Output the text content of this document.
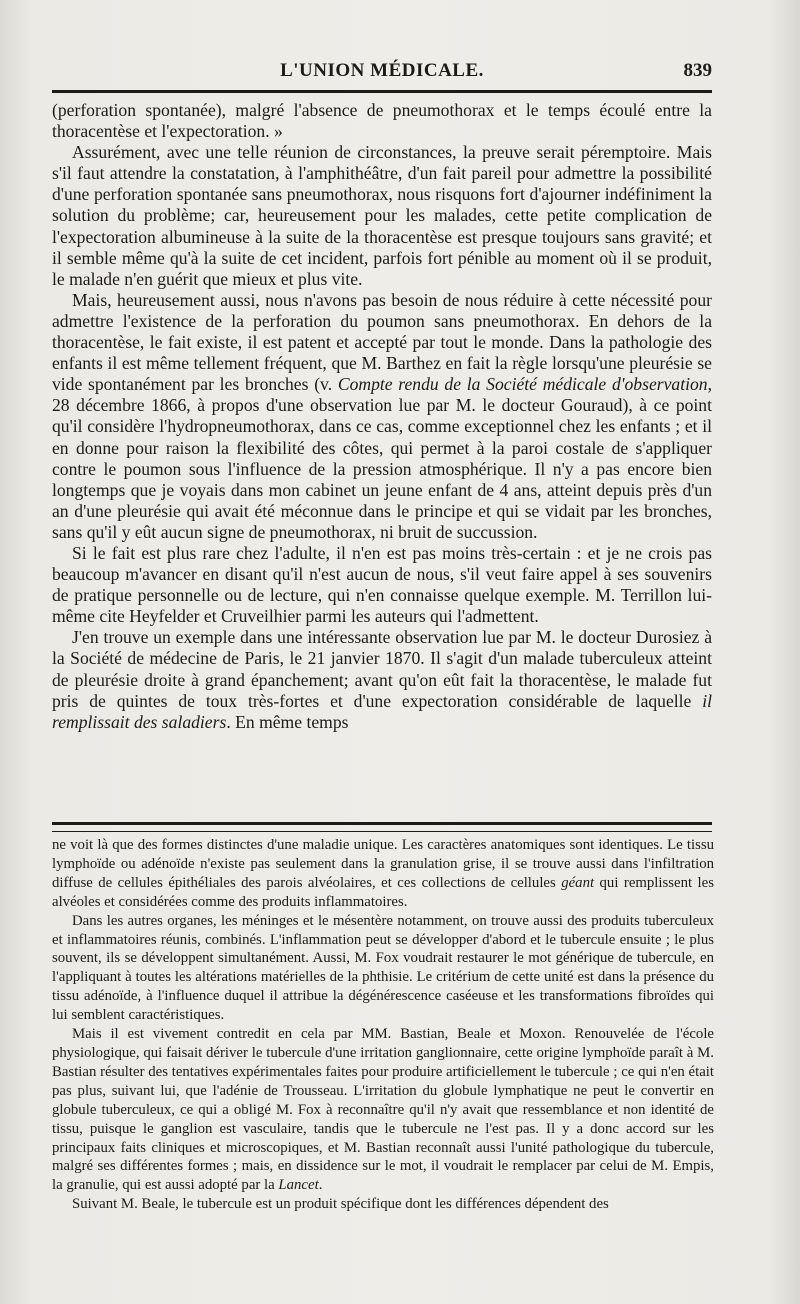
L'UNION MÉDICALE.	839

(perforation spontanée), malgré l'absence de pneumothorax et le temps écoulé entre la thoracentèse et l'expectoration. »

Assurément, avec une telle réunion de circonstances, la preuve serait péremptoire. Mais s'il faut attendre la constatation, à l'amphithéâtre, d'un fait pareil pour admettre la possibilité d'une perforation spontanée sans pneumothorax, nous risquons fort d'ajourner indéfiniment la solution du problème; car, heureusement pour les malades, cette petite complication de l'expectoration albumineuse à la suite de la thoracentèse est presque toujours sans gravité; et il semble même qu'à la suite de cet incident, parfois fort pénible au moment où il se produit, le malade n'en guérit que mieux et plus vite.

Mais, heureusement aussi, nous n'avons pas besoin de nous réduire à cette nécessité pour admettre l'existence de la perforation du poumon sans pneumothorax. En dehors de la thoracentèse, le fait existe, il est patent et accepté par tout le monde. Dans la pathologie des enfants il est même tellement fréquent, que M. Barthez en fait la règle lorsqu'une pleurésie se vide spontanément par les bronches (v. Compte rendu de la Société médicale d'observation, 28 décembre 1866, à propos d'une observation lue par M. le docteur Gouraud), à ce point qu'il considère l'hydropneumothorax, dans ce cas, comme exceptionnel chez les enfants ; et il en donne pour raison la flexibilité des côtes, qui permet à la paroi costale de s'appliquer contre le poumon sous l'influence de la pression atmosphérique. Il n'y a pas encore bien longtemps que je voyais dans mon cabinet un jeune enfant de 4 ans, atteint depuis près d'un an d'une pleurésie qui avait été méconnue dans le principe et qui se vidait par les bronches, sans qu'il y eût aucun signe de pneumothorax, ni bruit de succussion.

Si le fait est plus rare chez l'adulte, il n'en est pas moins très-certain : et je ne crois pas beaucoup m'avancer en disant qu'il n'est aucun de nous, s'il veut faire appel à ses souvenirs de pratique personnelle ou de lecture, qui n'en connaisse quelque exemple. M. Terrillon lui-même cite Heyfelder et Cruveilhier parmi les auteurs qui l'admettent.

J'en trouve un exemple dans une intéressante observation lue par M. le docteur Durosiez à la Société de médecine de Paris, le 21 janvier 1870. Il s'agit d'un malade tuberculeux atteint de pleurésie droite à grand épanchement; avant qu'on eût fait la thoracentèse, le malade fut pris de quintes de toux très-fortes et d'une expectoration considérable de laquelle il remplissait des saladiers. En même temps

ne voit là que des formes distinctes d'une maladie unique. Les caractères anatomiques sont identiques. Le tissu lymphoïde ou adénoïde n'existe pas seulement dans la granulation grise, il se trouve aussi dans l'infiltration diffuse de cellules épithéliales des parois alvéolaires, et ces collections de cellules géant qui remplissent les alvéoles et considérées comme des produits inflammatoires.

Dans les autres organes, les méninges et le mésentère notamment, on trouve aussi des produits tuberculeux et inflammatoires réunis, combinés. L'inflammation peut se développer d'abord et le tubercule ensuite ; le plus souvent, ils se développent simultanément. Aussi, M. Fox voudrait restaurer le mot générique de tubercule, en l'appliquant à toutes les altérations matérielles de la phthisie. Le critérium de cette unité est dans la présence du tissu adénoïde, à l'influence duquel il attribue la dégénérescence caséeuse et les transformations fibroïdes qui lui semblent caractéristiques.

Mais il est vivement contredit en cela par MM. Bastian, Beale et Moxon. Renouvelée de l'école physiologique, qui faisait dériver le tubercule d'une irritation ganglionnaire, cette origine lymphoïde paraît à M. Bastian résulter des tentatives expérimentales faites pour produire artificiellement le tubercule ; ce qui n'en était pas plus, suivant lui, que l'adénie de Trousseau. L'irritation du globule lymphatique ne peut le convertir en globule tuberculeux, ce qui a obligé M. Fox à reconnaître qu'il n'y avait que ressemblance et non identité de tissu, puisque le ganglion est vasculaire, tandis que le tubercule ne l'est pas. Il y a donc accord sur les principaux faits cliniques et microscopiques, et M. Bastian reconnaît aussi l'unité pathologique du tubercule, malgré ses différentes formes ; mais, en dissidence sur le mot, il voudrait le remplacer par celui de M. Empis, la granulie, qui est aussi adopté par la Lancet.

Suivant M. Beale, le tubercule est un produit spécifique dont les différences dépendent des
